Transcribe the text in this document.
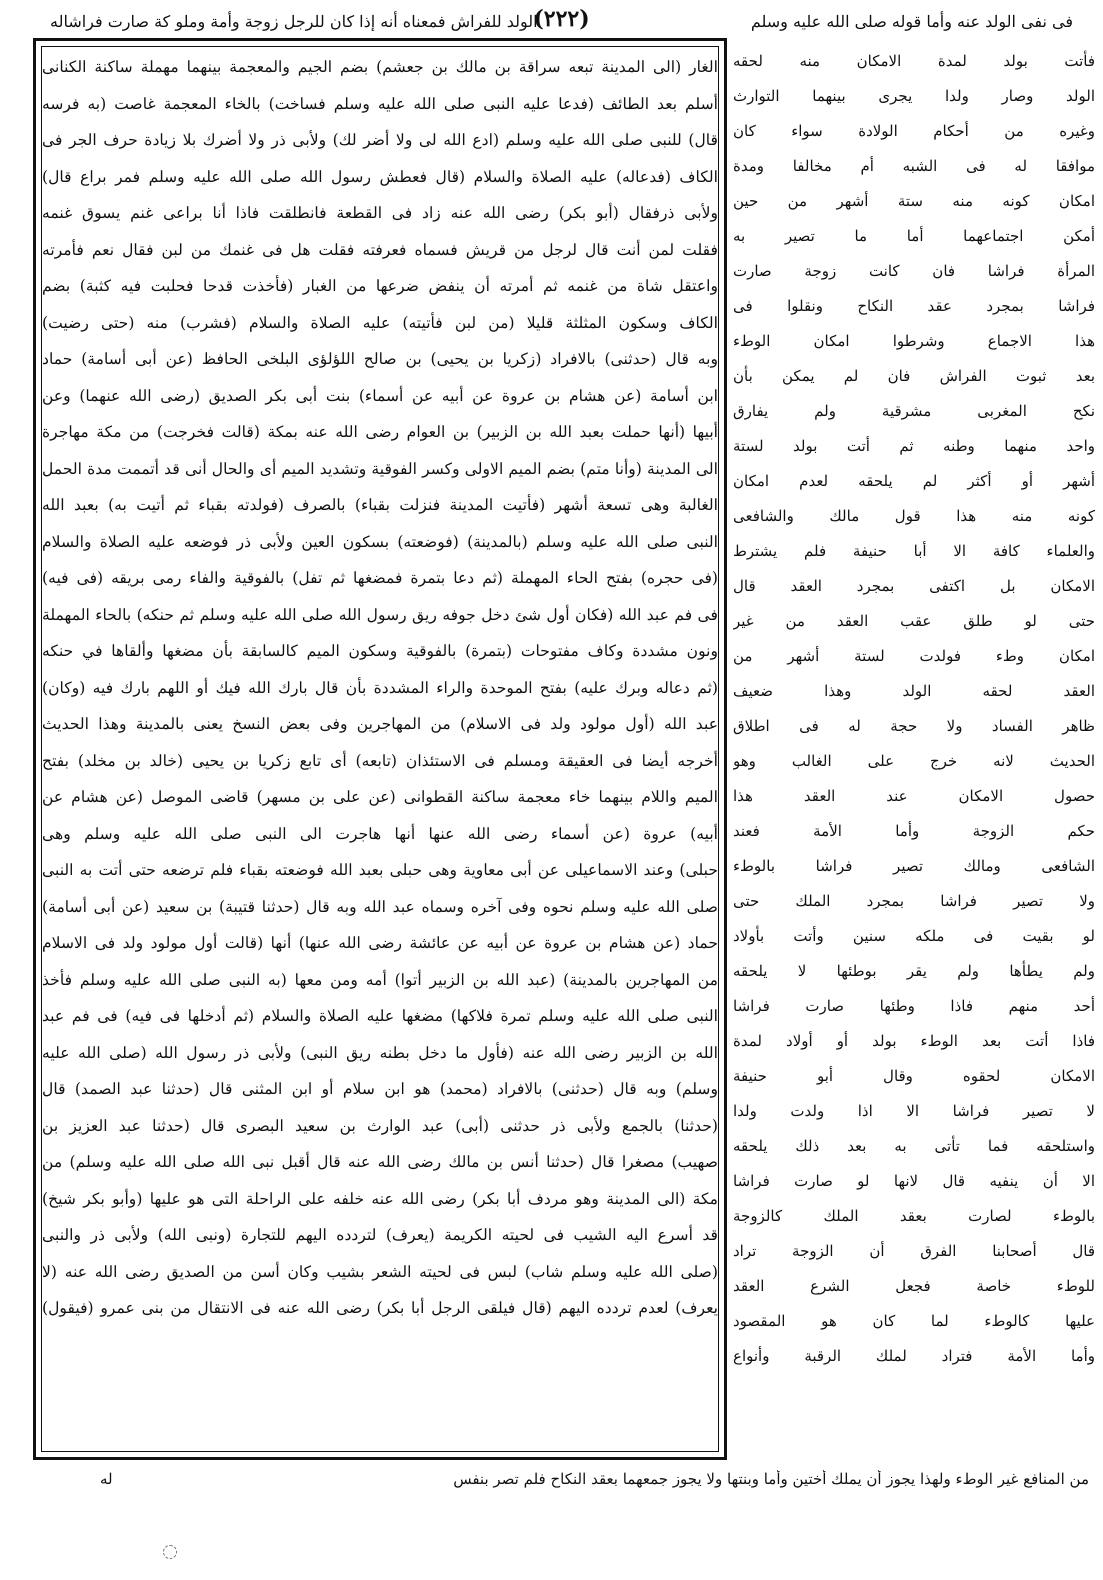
فى نفى الولد عنه وأما قوله صلى الله عليه وسلم
(٢٢٢)
الولد للفراش فمعناه أنه إذا كان للرجل زوجة وأمة وملو كة صارت فراشاله

الغار (الى المدينة تبعه سراقة بن مالك بن جعشم) بضم الجيم والمعجمة بينهما مهملة ساكنة الكنانى

أسلم بعد الطائف (فدعا عليه النبى صلى الله عليه وسلم فساخت) بالخاء المعجمة غاصت (به فرسه

قال) للنبى صلى الله عليه وسلم (ادع الله لى ولا أضر لك) ولأبى ذر ولا أضرك بلا زيادة حرف الجر فى

الكاف (فدعاله) عليه الصلاة والسلام (قال فعطش رسول الله صلى الله عليه وسلم فمر براع قال)

ولأبى ذرفقال (أبو بكر) رضى الله عنه زاد فى القطعة فانطلقت فاذا أنا براعى غنم يسوق غنمه

فقلت لمن أنت قال لرجل من قريش فسماه فعرفته فقلت هل فى غنمك من لبن فقال نعم فأمرته

واعتقل شاة من غنمه ثم أمرته أن ينفض ضرعها من الغبار (فأخذت قدحا فحلبت فيه كثبة) بضم

الكاف وسكون المثلثة قليلا (من لبن فأتيته) عليه الصلاة والسلام (فشرب) منه (حتى رضيت)

وبه قال (حدثنى) بالافراد (زكريا بن يحيى) بن صالح اللؤلؤى البلخى الحافظ (عن أبى أسامة) حماد

ابن أسامة (عن هشام بن عروة عن أبيه عن أسماء) بنت أبى بكر الصديق (رضى الله عنهما) وعن

أبيها (أنها حملت بعبد الله بن الزبير) بن العوام رضى الله عنه بمكة (قالت فخرجت) من مكة مهاجرة

الى المدينة (وأنا متم) بضم الميم الاولى وكسر الفوقية وتشديد الميم أى والحال أنى قد أتممت مدة الحمل

الغالبة وهى تسعة أشهر (فأتيت المدينة فنزلت بقباء) بالصرف (فولدته بقباء ثم أتيت به) بعبد الله

النبى صلى الله عليه وسلم (بالمدينة) (فوضعته) بسكون العين ولأبى ذر فوضعه عليه الصلاة والسلام

(فى حجره) بفتح الحاء المهملة (ثم دعا بتمرة فمضغها ثم تفل) بالفوقية والفاء رمى بريقه (فى فيه)

فى فم عبد الله (فكان أول شئ دخل جوفه ريق رسول الله صلى الله عليه وسلم ثم حنكه) بالحاء المهملة

ونون مشددة وكاف مفتوحات (بتمرة) بالفوقية وسكون الميم كالسابقة بأن مضغها وألقاها في حنكه

(ثم دعاله وبرك عليه) بفتح الموحدة والراء المشددة بأن قال بارك الله فيك أو اللهم بارك فيه (وكان)

عبد الله (أول مولود ولد فى الاسلام) من المهاجرين وفى بعض النسخ يعنى بالمدينة وهذا الحديث

أخرجه أيضا فى العقيقة ومسلم فى الاستئذان (تابعه) أى تابع زكريا بن يحيى (خالد بن مخلد) بفتح

الميم واللام بينهما خاء معجمة ساكنة القطوانى (عن على بن مسهر) قاضى الموصل (عن هشام عن

أبيه) عروة (عن أسماء رضى الله عنها أنها هاجرت الى النبى صلى الله عليه وسلم وهى

حبلى) وعند الاسماعيلى عن أبى معاوية وهى حبلى بعبد الله فوضعته بقباء فلم ترضعه حتى أتت به النبى

صلى الله عليه وسلم نحوه وفى آخره وسماه عبد الله وبه قال (حدثنا قتيبة) بن سعيد (عن أبى أسامة)

حماد (عن هشام بن عروة عن أبيه عن عائشة رضى الله عنها) أنها (قالت أول مولود ولد فى الاسلام

من المهاجرين بالمدينة) (عبد الله بن الزبير أتوا) أمه ومن معها (به النبى صلى الله عليه وسلم فأخذ

النبى صلى الله عليه وسلم تمرة فلاكها) مضغها عليه الصلاة والسلام (ثم أدخلها فى فيه) فى فم عبد

الله بن الزبير رضى الله عنه (فأول ما دخل بطنه ريق النبى) ولأبى ذر رسول الله (صلى الله عليه

وسلم) وبه قال (حدثنى) بالافراد (محمد) هو ابن سلام أو ابن المثنى قال (حدثنا عبد الصمد) قال

(حدثنا) بالجمع ولأبى ذر حدثنى (أبى) عبد الوارث بن سعيد البصرى قال (حدثنا عبد العزيز بن

صهيب) مصغرا قال (حدثنا أنس بن مالك رضى الله عنه قال أقبل نبى الله صلى الله عليه وسلم) من

مكة (الى المدينة وهو مردف أبا بكر) رضى الله عنه خلفه على الراحلة التى هو عليها (وأبو بكر شيخ)

قد أسرع اليه الشيب فى لحيته الكريمة (يعرف) لتردده اليهم للتجارة (ونبى الله) ولأبى ذر والنبى

(صلى الله عليه وسلم شاب) لبس فى لحيته الشعر بشيب وكان أسن من الصديق رضى الله عنه (لا

يعرف) لعدم تردده اليهم (قال فيلقى الرجل أبا بكر) رضى الله عنه فى الانتقال من بنى عمرو (فيقول)

فأتت بولد لمدة الامكان منه لحقه

الولد وصار ولدا يجرى بينهما التوارث

وغيره من أحكام الولادة سواء كان

موافقا له فى الشبه أم مخالفا ومدة

امكان كونه منه ستة أشهر من حين

أمكن اجتماعهما أما ما تصير به

المرأة فراشا فان كانت زوجة صارت

فراشا بمجرد عقد النكاح ونقلوا فى

هذا الاجماع وشرطوا امكان الوطء

بعد ثبوت الفراش فان لم يمكن بأن

نكح المغربى مشرقية ولم يفارق

واحد منهما وطنه ثم أتت بولد لستة

أشهر أو أكثر لم يلحقه لعدم امكان

كونه منه هذا قول مالك والشافعى

والعلماء كافة الا أبا حنيفة فلم يشترط

الامكان بل اكتفى بمجرد العقد قال

حتى لو طلق عقب العقد من غير

امكان وطء فولدت لستة أشهر من

العقد لحقه الولد وهذا ضعيف

ظاهر الفساد ولا حجة له فى اطلاق

الحديث لانه خرج على الغالب وهو

حصول الامكان عند العقد هذا

حكم الزوجة وأما الأمة فعند

الشافعى ومالك تصير فراشا بالوطء

ولا تصير فراشا بمجرد الملك حتى

لو بقيت فى ملكه سنين وأتت بأولاد

ولم يطأها ولم يقر بوطئها لا يلحقه

أحد منهم فاذا وطئها صارت فراشا

فاذا أتت بعد الوطء بولد أو أولاد لمدة

الامكان لحقوه وقال أبو حنيفة

لا تصير فراشا الا اذا ولدت ولدا

واستلحقه فما تأتى به بعد ذلك يلحقه

الا أن ينفيه قال لانها لو صارت فراشا

بالوطء لصارت بعقد الملك كالزوجة

قال أصحابنا الفرق أن الزوجة تراد

للوطء خاصة فجعل الشرع العقد

عليها كالوطء لما كان هو المقصود

وأما الأمة فتراد لملك الرقبة وأنواع

من المنافع غير الوطء ولهذا يجوز أن يملك أختين وأما وبنتها ولا يجوز جمعهما بعقد النكاح فلم تصر بنفس
له
